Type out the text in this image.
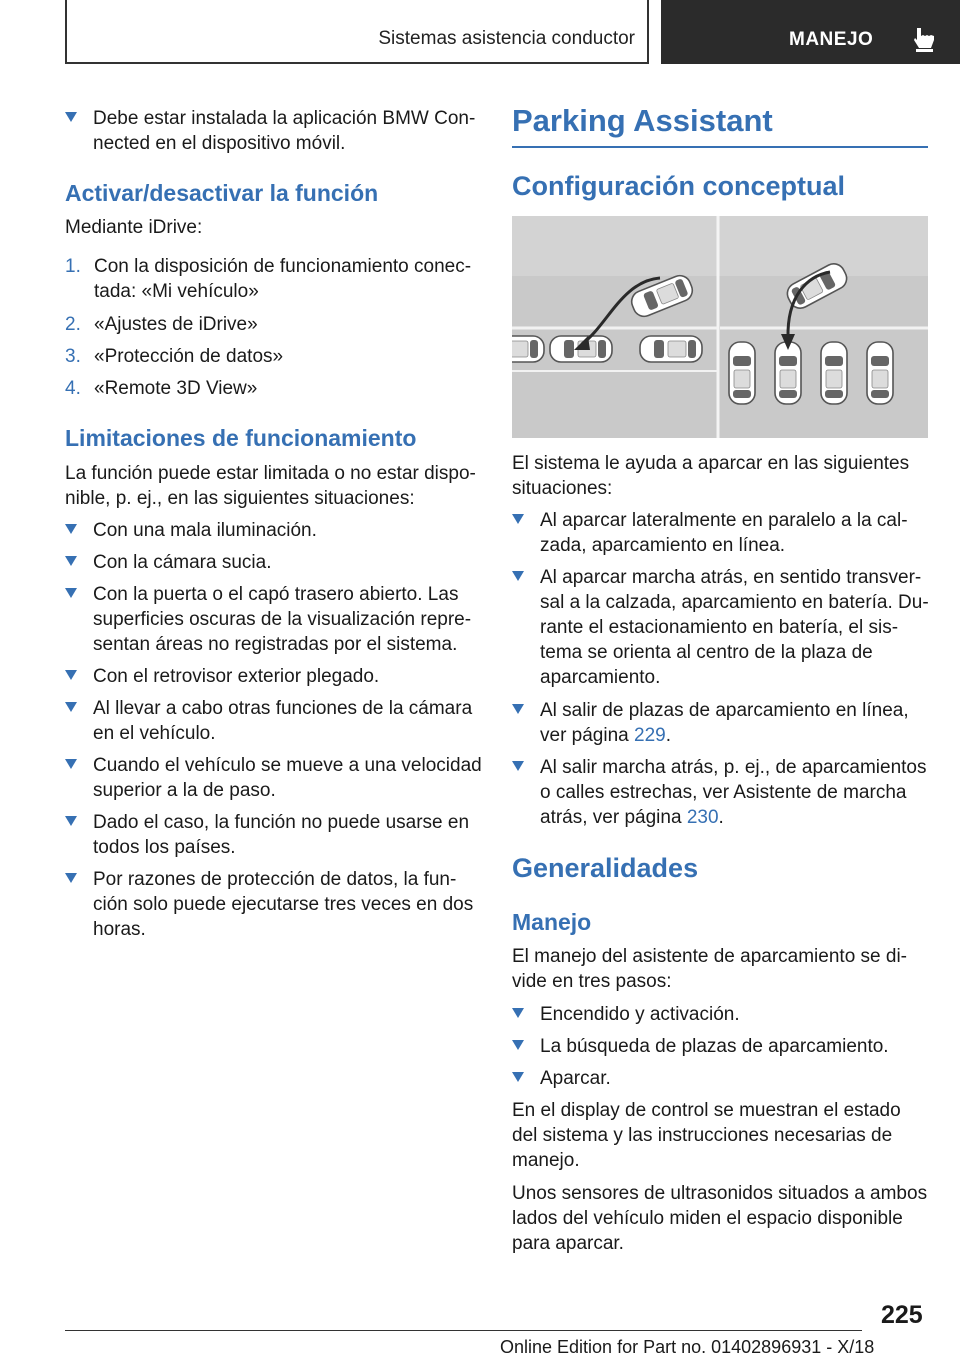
Sistemas asistencia conductor	MANEJO
Debe estar instalada la aplicación BMW Con-
nected en el dispositivo móvil.
Activar/desactivar la función
Mediante iDrive:
1. Con la disposición de funcionamiento conec-
tada: «Mi vehículo»
2. «Ajustes de iDrive»
3. «Protección de datos»
4. «Remote 3D View»
Limitaciones de funcionamiento
La función puede estar limitada o no estar dispo-
nible, p. ej., en las siguientes situaciones:
Con una mala iluminación.
Con la cámara sucia.
Con la puerta o el capó trasero abierto. Las
superficies oscuras de la visualización repre-
sentan áreas no registradas por el sistema.
Con el retrovisor exterior plegado.
Al llevar a cabo otras funciones de la cámara
en el vehículo.
Cuando el vehículo se mueve a una velocidad
superior a la de paso.
Dado el caso, la función no puede usarse en
todos los países.
Por razones de protección de datos, la fun-
ción solo puede ejecutarse tres veces en dos
horas.
Parking Assistant
Configuración conceptual
El sistema le ayuda a aparcar en las siguientes
situaciones:
Al aparcar lateralmente en paralelo a la cal-
zada, aparcamiento en línea.
Al aparcar marcha atrás, en sentido transver-
sal a la calzada, aparcamiento en batería. Du-
rante el estacionamiento en batería, el sis-
tema se orienta al centro de la plaza de
aparcamiento.
Al salir de plazas de aparcamiento en línea,
ver página 229.
Al salir marcha atrás, p. ej., de aparcamientos
o calles estrechas, ver Asistente de marcha
atrás, ver página 230.
Generalidades
Manejo
El manejo del asistente de aparcamiento se di-
vide en tres pasos:
Encendido y activación.
La búsqueda de plazas de aparcamiento.
Aparcar.
En el display de control se muestran el estado
del sistema y las instrucciones necesarias de
manejo.
Unos sensores de ultrasonidos situados a ambos
lados del vehículo miden el espacio disponible
para aparcar.
225
Online Edition for Part no. 01402896931 - X/18
